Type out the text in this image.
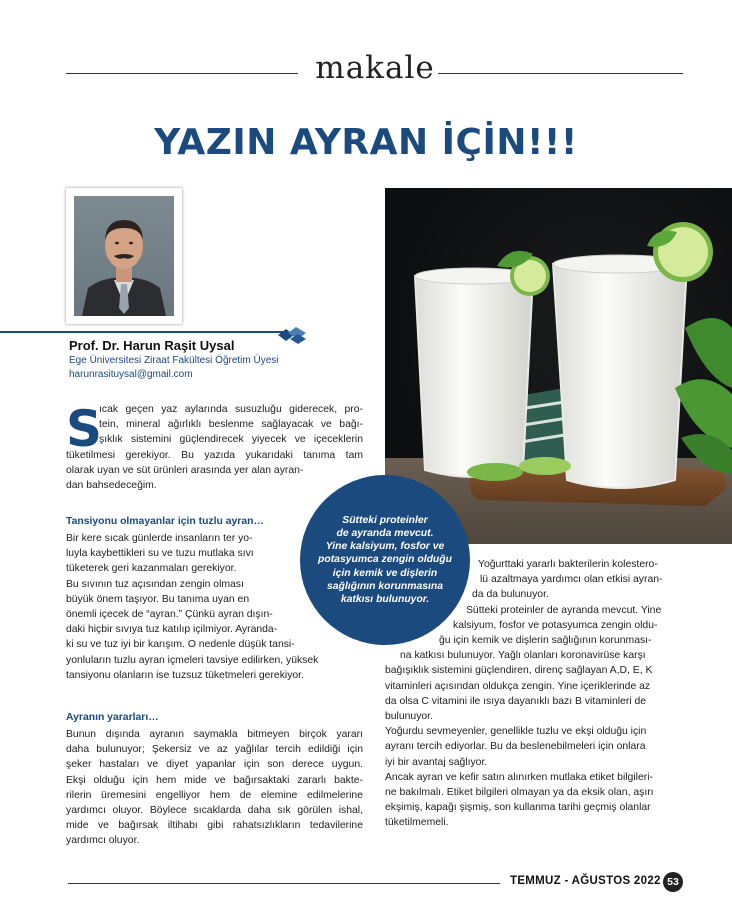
makale
YAZIN AYRAN İÇİN!!!
Prof. Dr. Harun Raşit Uysal
Ege Üniversitesi Ziraat Fakültesi Öğretim Üyesi
harunrasituysal@gmail.com
S
ıcak geçen yaz aylarında susuzluğu giderecek, pro-
tein, mineral ağırlıklı beslenme sağlayacak ve bağı-
şıklık sistemini güçlendirecek yiyecek ve içeceklerin
tüketilmesi gerekiyor. Bu yazıda yukarıdaki tanıma tam
olarak uyan ve süt ürünleri arasında yer alan ayran-
dan bahsedeceğim.
Tansiyonu olmayanlar için tuzlu ayran…
Bir kere sıcak günlerde insanların ter yo-
luyla kaybettikleri su ve tuzu mutlaka sıvı
tüketerek geri kazanmaları gerekiyor.
Bu sıvının tuz açısından zengin olması
büyük önem taşıyor. Bu tanıma uyan en
önemli içecek de “ayran.” Çünkü ayran dışın-
daki hiçbir sıvıya tuz katılıp içilmiyor. Ayranda-
ki su ve tuz iyi bir karışım. O nedenle düşük tansi-
yonluların tuzlu ayran içmeleri tavsiye edilirken, yüksek
tansiyonu olanların ise tuzsuz tüketmeleri gerekiyor.
Ayranın yararları…
Bunun dışında ayranın saymakla bitmeyen birçok yararı
daha bulunuyor; Şekersiz ve az yağlılar tercih edildiği için
şeker hastaları ve diyet yapanlar için son derece uygun.
Ekşi olduğu için hem mide ve bağırsaktaki zararlı bakte-
rilerin üremesini engelliyor hem de elemine edilmelerine
yardımcı oluyor. Böylece sıcaklarda daha sık görülen ishal,
mide ve bağırsak iltihabı gibi rahatsızlıkların tedavilerine
yardımcı oluyor.
Sütteki proteinler
de ayranda mevcut.
Yine kalsiyum, fosfor ve
potasyumca zengin olduğu
için kemik ve dişlerin
sağlığının korunmasına
katkısı bulunuyor.
Yoğurttaki yararlı bakterilerin kolestero-
lü azaltmaya yardımcı olan etkisi ayran-
da da bulunuyor.
Sütteki proteinler de ayranda mevcut. Yine
kalsiyum, fosfor ve potasyumca zengin oldu-
ğu için kemik ve dişlerin sağlığının korunması-
na katkısı bulunuyor. Yağlı olanları koronavirüse karşı
bağışıklık sistemini güçlendiren, direnç sağlayan A,D, E, K
vitaminleri açısından oldukça zengin. Yine içeriklerinde az
da olsa C vitamini ile ısıya dayanıklı bazı B vitaminleri de
bulunuyor.
Yoğurdu sevmeyenler, genellikle tuzlu ve ekşi olduğu için
ayranı tercih ediyorlar. Bu da beslenebilmeleri için onlara
iyi bir avantaj sağlıyor.
Ancak ayran ve kefir satın alınırken mutlaka etiket bilgileri-
ne bakılmalı. Etiket bilgileri olmayan ya da eksik olan, aşırı
ekşimiş, kapağı şişmiş, son kullanma tarihi geçmiş olanlar
tüketilmemeli.
TEMMUZ - AĞUSTOS 2022 53
